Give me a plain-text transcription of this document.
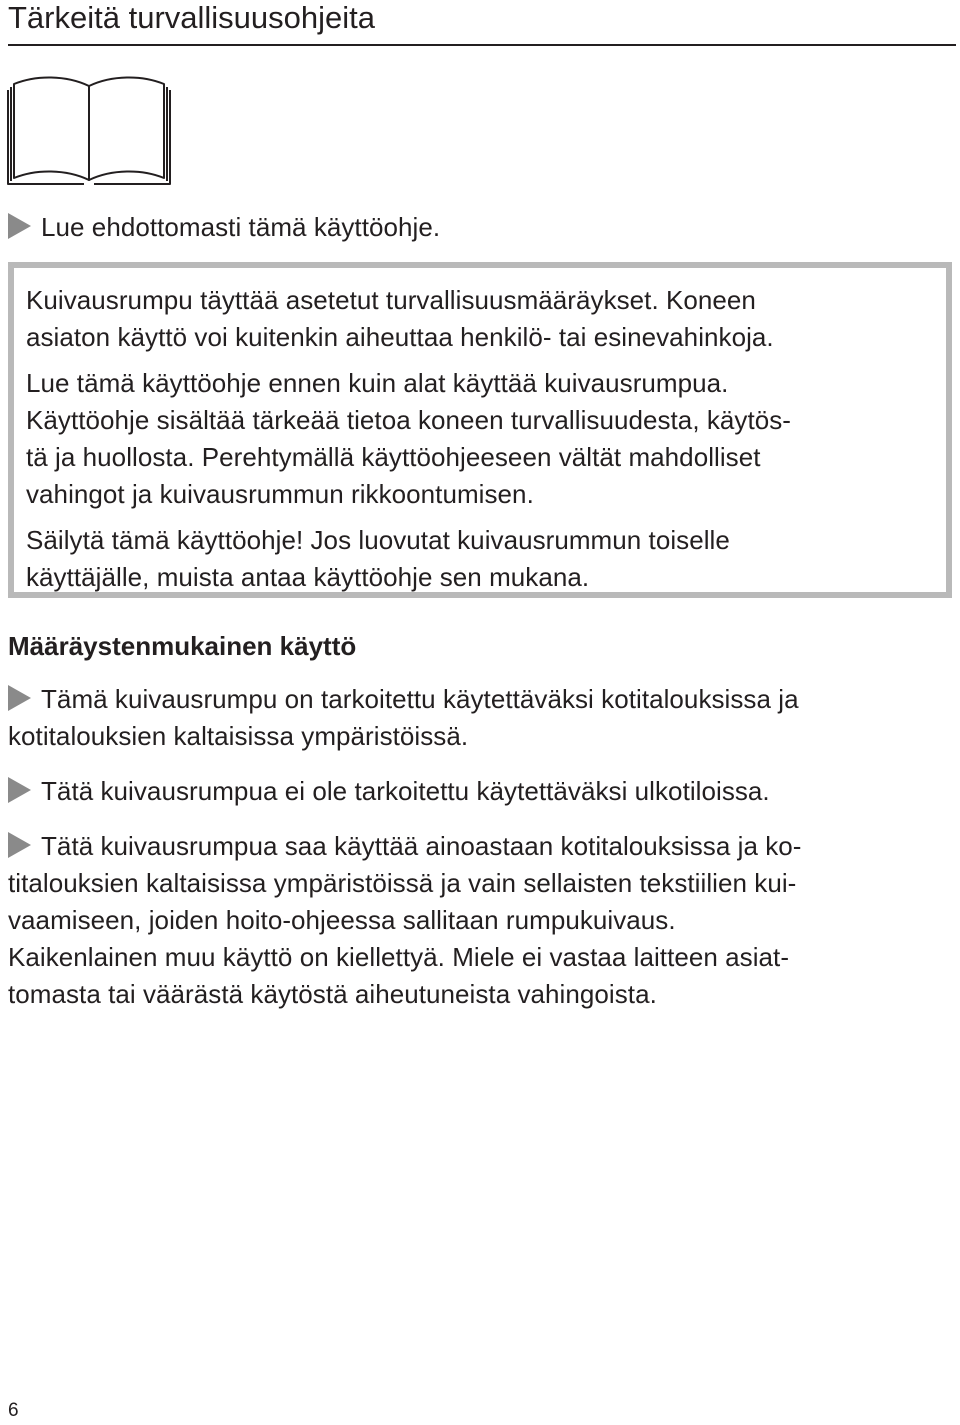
Tärkeitä turvallisuusohjeita

Lue ehdottomasti tämä käyttöohje.

Kuivausrumpu täyttää asetetut turvallisuusmääräykset. Koneen
asiaton käyttö voi kuitenkin aiheuttaa henkilö- tai esinevahinkoja.

Lue tämä käyttöohje ennen kuin alat käyttää kuivausrumpua.
Käyttöohje sisältää tärkeää tietoa koneen turvallisuudesta, käytös-
tä ja huollosta. Perehtymällä käyttöohjeeseen vältät mahdolliset
vahingot ja kuivausrummun rikkoontumisen.

Säilytä tämä käyttöohje! Jos luovutat kuivausrummun toiselle
käyttäjälle, muista antaa käyttöohje sen mukana.

Määräystenmukainen käyttö

Tämä kuivausrumpu on tarkoitettu käytettäväksi kotitalouksissa ja
kotitalouksien kaltaisissa ympäristöissä.

Tätä kuivausrumpua ei ole tarkoitettu käytettäväksi ulkotiloissa.

Tätä kuivausrumpua saa käyttää ainoastaan kotitalouksissa ja ko-
titalouksien kaltaisissa ympäristöissä ja vain sellaisten tekstiilien kui-
vaamiseen, joiden hoito-ohjeessa sallitaan rumpukuivaus.
Kaikenlainen muu käyttö on kiellettyä. Miele ei vastaa laitteen asiat-
tomasta tai väärästä käytöstä aiheutuneista vahingoista.

6
